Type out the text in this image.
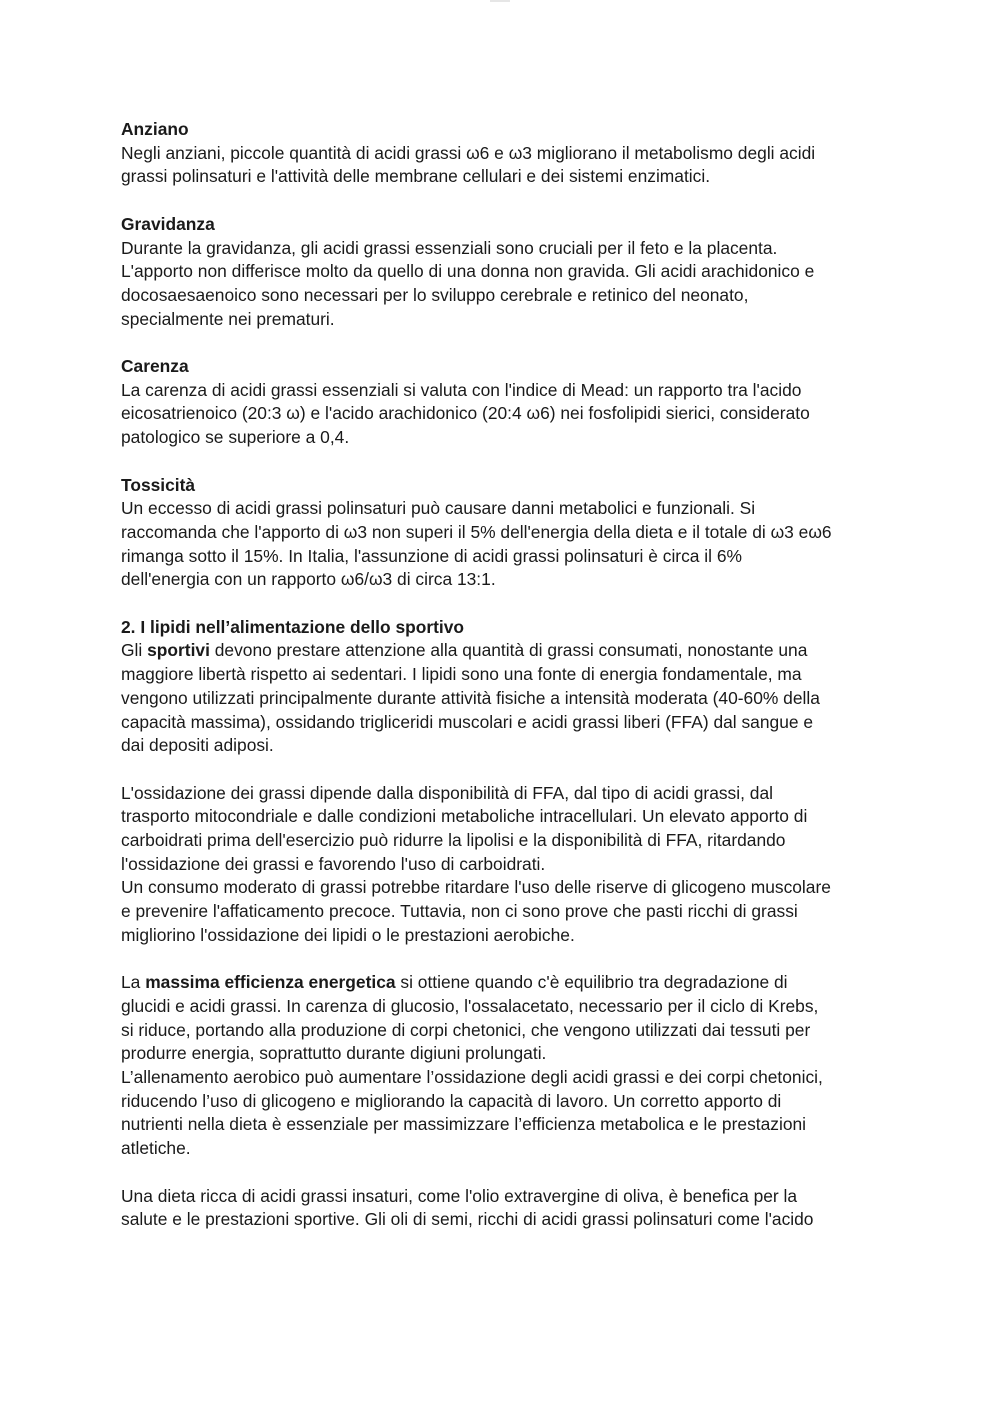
Anziano
Negli anziani, piccole quantità di acidi grassi ω6 e ω3 migliorano il metabolismo degli acidi
grassi polinsaturi e l'attività delle membrane cellulari e dei sistemi enzimatici.
Gravidanza
Durante la gravidanza, gli acidi grassi essenziali sono cruciali per il feto e la placenta.
L'apporto non differisce molto da quello di una donna non gravida. Gli acidi arachidonico e
docosaesaenoico sono necessari per lo sviluppo cerebrale e retinico del neonato,
specialmente nei prematuri.
Carenza
La carenza di acidi grassi essenziali si valuta con l'indice di Mead: un rapporto tra l'acido
eicosatrienoico (20:3 ω) e l'acido arachidonico (20:4 ω6) nei fosfolipidi sierici, considerato
patologico se superiore a 0,4.
Tossicità
Un eccesso di acidi grassi polinsaturi può causare danni metabolici e funzionali. Si
raccomanda che l'apporto di ω3 non superi il 5% dell'energia della dieta e il totale di ω3 eω6
rimanga sotto il 15%. In Italia, l'assunzione di acidi grassi polinsaturi è circa il 6%
dell'energia con un rapporto ω6/ω3 di circa 13:1.
2. I lipidi nell’alimentazione dello sportivo
Gli sportivi devono prestare attenzione alla quantità di grassi consumati, nonostante una
maggiore libertà rispetto ai sedentari. I lipidi sono una fonte di energia fondamentale, ma
vengono utilizzati principalmente durante attività fisiche a intensità moderata (40-60% della
capacità massima), ossidando trigliceridi muscolari e acidi grassi liberi (FFA) dal sangue e
dai depositi adiposi.
L'ossidazione dei grassi dipende dalla disponibilità di FFA, dal tipo di acidi grassi, dal
trasporto mitocondriale e dalle condizioni metaboliche intracellulari. Un elevato apporto di
carboidrati prima dell'esercizio può ridurre la lipolisi e la disponibilità di FFA, ritardando
l'ossidazione dei grassi e favorendo l'uso di carboidrati.
Un consumo moderato di grassi potrebbe ritardare l'uso delle riserve di glicogeno muscolare
e prevenire l'affaticamento precoce. Tuttavia, non ci sono prove che pasti ricchi di grassi
migliorino l'ossidazione dei lipidi o le prestazioni aerobiche.
La massima efficienza energetica si ottiene quando c'è equilibrio tra degradazione di
glucidi e acidi grassi. In carenza di glucosio, l'ossalacetato, necessario per il ciclo di Krebs,
si riduce, portando alla produzione di corpi chetonici, che vengono utilizzati dai tessuti per
produrre energia, soprattutto durante digiuni prolungati.
L’allenamento aerobico può aumentare l’ossidazione degli acidi grassi e dei corpi chetonici,
riducendo l’uso di glicogeno e migliorando la capacità di lavoro. Un corretto apporto di
nutrienti nella dieta è essenziale per massimizzare l’efficienza metabolica e le prestazioni
atletiche.
Una dieta ricca di acidi grassi insaturi, come l'olio extravergine di oliva, è benefica per la
salute e le prestazioni sportive. Gli oli di semi, ricchi di acidi grassi polinsaturi come l'acido
